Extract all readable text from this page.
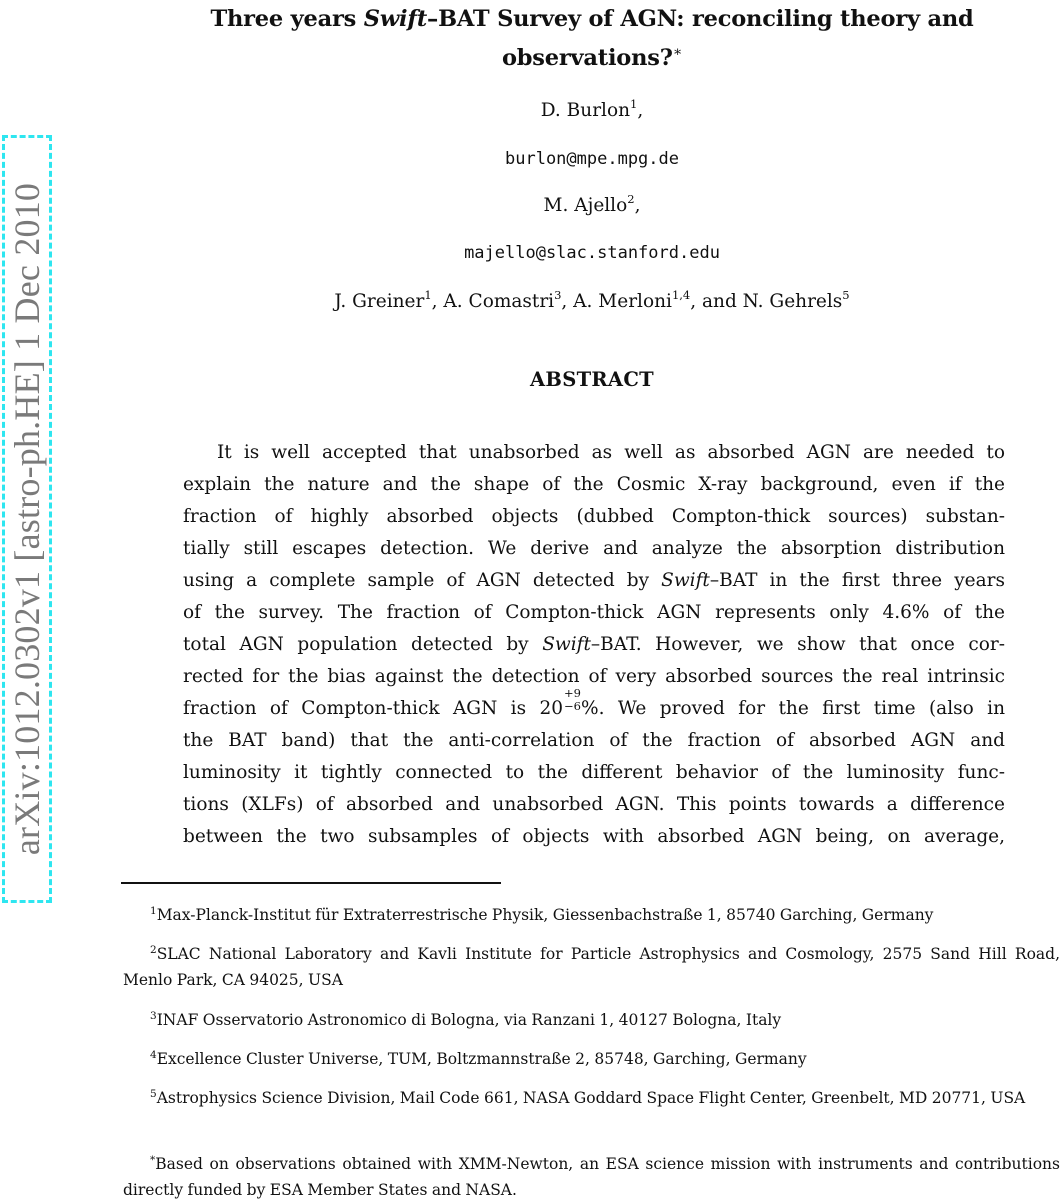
arXiv:1012.0302v1 [astro-ph.HE] 1 Dec 2010
Three years Swift–BAT Survey of AGN: reconciling theory and
observations?∗
D. Burlon$^1$,
burlon@mpe.mpg.de
M. Ajello$^2$,
majello@slac.stanford.edu
J. Greiner$^1$, A. Comastri$^3$, A. Merloni$^{1,4}$, and N. Gehrels$^5$
ABSTRACT
It is well accepted that unabsorbed as well as absorbed AGN are needed to
explain the nature and the shape of the Cosmic X-ray background, even if the
fraction of highly absorbed objects (dubbed Compton-thick sources) substan-
tially still escapes detection. We derive and analyze the absorption distribution
using a complete sample of AGN detected by Swift–BAT in the first three years
of the survey. The fraction of Compton-thick AGN represents only 4.6% of the
total AGN population detected by Swift–BAT. However, we show that once cor-
rected for the bias against the detection of very absorbed sources the real intrinsic
fraction of Compton-thick AGN is 20
+9
−6 %. We proved for the first time (also in
the BAT band) that the anti-correlation of the fraction of absorbed AGN and
luminosity it tightly connected to the different behavior of the luminosity func-
tions (XLFs) of absorbed and unabsorbed AGN. This points towards a difference
between the two subsamples of objects with absorbed AGN being, on average,
$^1$Max-Planck-Institut für Extraterrestrische Physik, Giessenbachstraße 1, 85740 Garching, Germany
$^2$SLAC National Laboratory and Kavli Institute for Particle Astrophysics and Cosmology, 2575 Sand Hill Road, Menlo Park, CA 94025, USA
$^3$INAF Osservatorio Astronomico di Bologna, via Ranzani 1, 40127 Bologna, Italy
$^4$Excellence Cluster Universe, TUM, Boltzmannstraße 2, 85748, Garching, Germany
$^5$Astrophysics Science Division, Mail Code 661, NASA Goddard Space Flight Center, Greenbelt, MD 20771, USA
*Based on observations obtained with XMM-Newton, an ESA science mission with instruments and contributions directly funded by ESA Member States and NASA.
